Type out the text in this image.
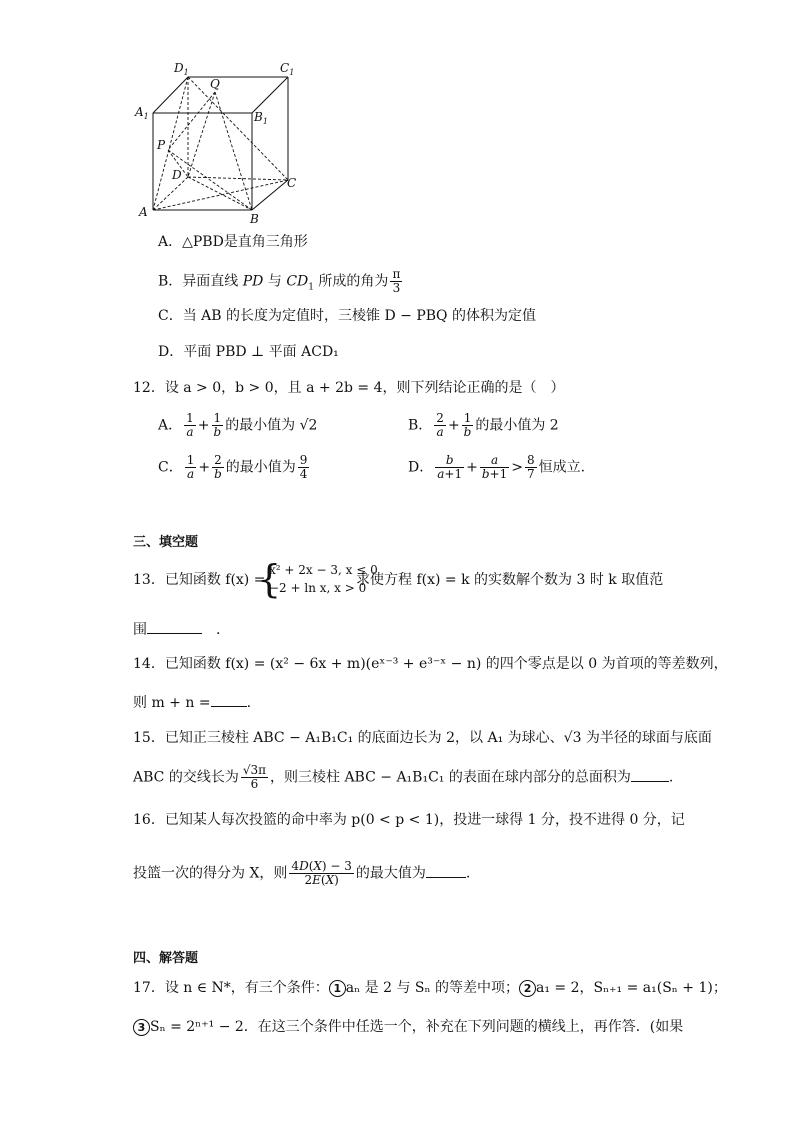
$D_1$	$C_1$
Q
$A_1$	$B_1$
P
D
C
A	B
A．△PBD是直角三角形
B．异面直线 PD 与 $CD_1$ 所成的角为 $\frac{\pi}{3}$
C．当 AB 的长度为定值时，三棱锥 D − PBQ 的体积为定值
D．平面 PBD ⊥ 平面 ACD₁
12．设 a > 0，b > 0，且 a + 2b = 4，则下列结论正确的是（　）
A． $\frac{1}{a} + \frac{1}{b}$ 的最小值为 √2	B． $\frac{2}{a} + \frac{1}{b}$ 的最小值为 2
C． $\frac{1}{a} + \frac{2}{b}$ 的最小值为 $\frac{9}{4}$	D． $\frac{b}{a+1} + \frac{a}{b+1} > \frac{8}{7}$ 恒成立.
三、填空题
13．已知函数 f(x) =
{
x² + 2x − 3, x ≤ 0
−2 + ln x, x > 0
求使方程 f(x) = k 的实数解个数为 3 时 k 取值范
围	　.
14．已知函数 f(x) = (x² − 6x + m)(eˣ⁻³ + e³⁻ˣ − n) 的四个零点是以 0 为首项的等差数列，
则 m + n =	.
15．已知正三棱柱 ABC − A₁B₁C₁ 的底面边长为 2，以 A₁ 为球心、√3 为半径的球面与底面
ABC 的交线长为 $\frac{√3\pi}{6}$ ，则三棱柱 ABC − A₁B₁C₁ 的表面在球内部分的总面积为	.
16．已知某人每次投篮的命中率为 p(0 < p < 1)，投进一球得 1 分，投不进得 0 分，记
投篮一次的得分为 X，则 $\frac{4D(X) - 3}{2E(X)}$ 的最大值为	.
四、解答题
17．设 n ∈ N*，有三个条件： 1 aₙ 是 2 与 Sₙ 的等差中项； 2 a₁ = 2，Sₙ₊₁ = a₁(Sₙ + 1)；
3 Sₙ = 2ⁿ⁺¹ − 2．在这三个条件中任选一个，补充在下列问题的横线上，再作答．(如果
